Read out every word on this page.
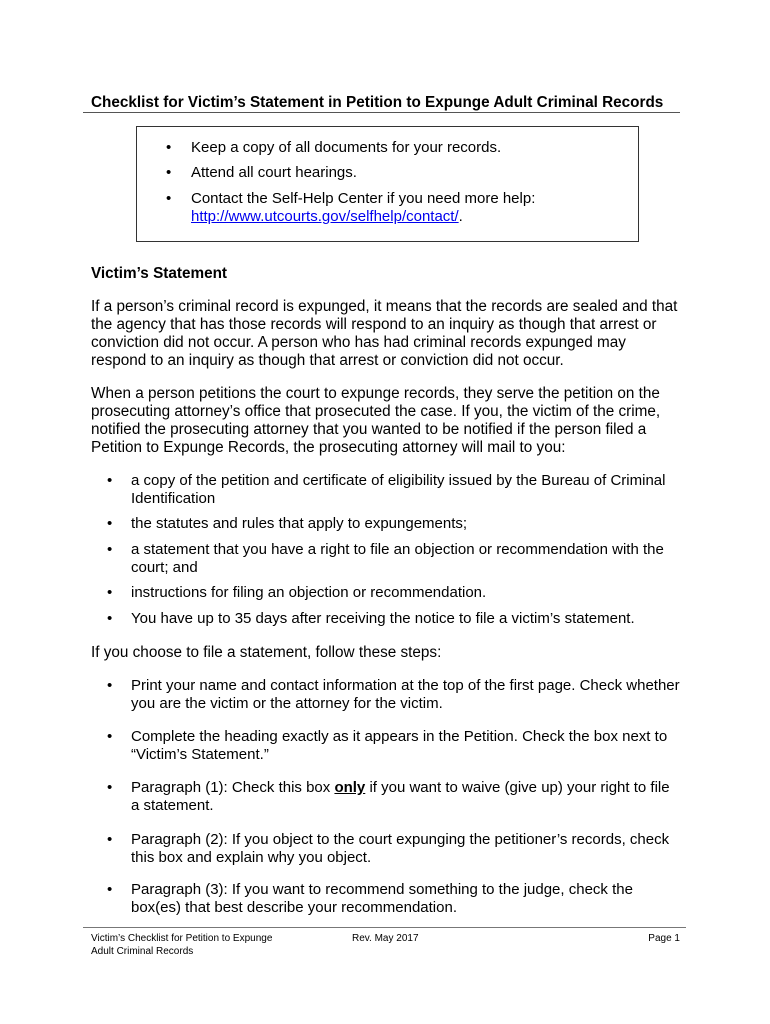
Checklist for Victim’s Statement in Petition to Expunge Adult Criminal Records
• Keep a copy of all documents for your records.
• Attend all court hearings.
• Contact the Self-Help Center if you need more help:
http://www.utcourts.gov/selfhelp/contact/.
Victim’s Statement
If a person’s criminal record is expunged, it means that the records are sealed and that the agency that has those records will respond to an inquiry as though that arrest or conviction did not occur. A person who has had criminal records expunged may respond to an inquiry as though that arrest or conviction did not occur.
When a person petitions the court to expunge records, they serve the petition on the prosecuting attorney’s office that prosecuted the case. If you, the victim of the crime, notified the prosecuting attorney that you wanted to be notified if the person filed a Petition to Expunge Records, the prosecuting attorney will mail to you:
• a copy of the petition and certificate of eligibility issued by the Bureau of Criminal Identification
• the statutes and rules that apply to expungements;
• a statement that you have a right to file an objection or recommendation with the court; and
• instructions for filing an objection or recommendation.
• You have up to 35 days after receiving the notice to file a victim’s statement.
If you choose to file a statement, follow these steps:
• Print your name and contact information at the top of the first page. Check whether you are the victim or the attorney for the victim.
• Complete the heading exactly as it appears in the Petition. Check the box next to “Victim’s Statement.”
• Paragraph (1): Check this box only if you want to waive (give up) your right to file a statement.
• Paragraph (2): If you object to the court expunging the petitioner’s records, check this box and explain why you object.
• Paragraph (3): If you want to recommend something to the judge, check the box(es) that best describe your recommendation.
Victim’s Checklist for Petition to Expunge
Adult Criminal Records
Rev. May 2017	Page 1
